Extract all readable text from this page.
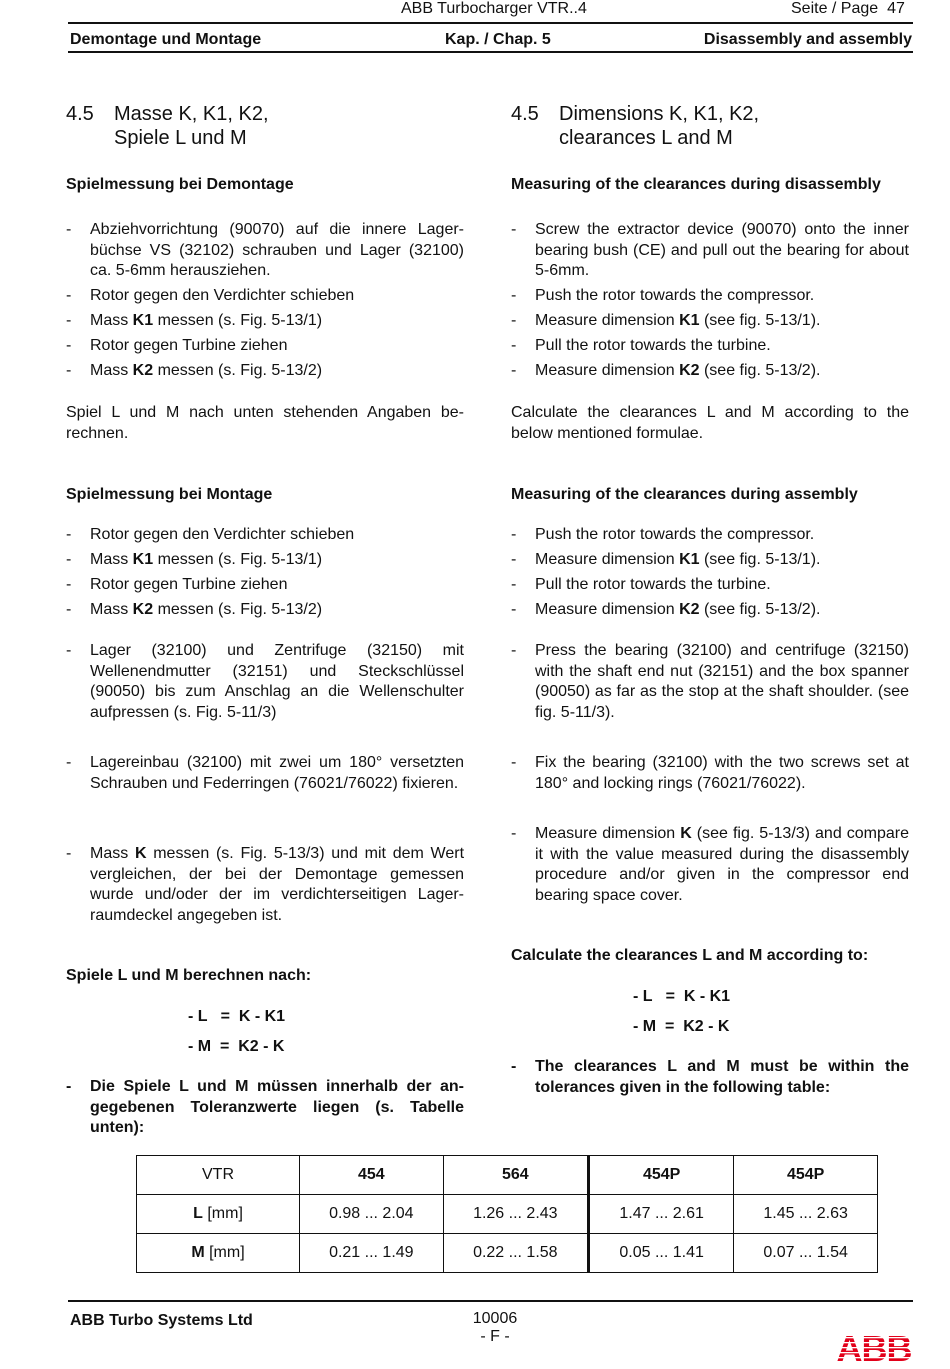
ABB Turbocharger VTR..4	Seite / Page 47
Demontage und Montage	Kap. / Chap. 5	Disassembly and assembly
4.5 Masse K, K1, K2,
Spiele L und M
Spielmessung bei Demontage
- Abziehvorrichtung (90070) auf die innere Lagerbüchse VS (32102) schrauben und Lager (32100) ca. 5-6mm herausziehen.
- Rotor gegen den Verdichter schieben
- Mass K1 messen (s. Fig. 5-13/1)
- Rotor gegen Turbine ziehen
- Mass K2 messen (s. Fig. 5-13/2)
Spiel L und M nach unten stehenden Angaben berechnen.
Spielmessung bei Montage
- Rotor gegen den Verdichter schieben
- Mass K1 messen (s. Fig. 5-13/1)
- Rotor gegen Turbine ziehen
- Mass K2 messen (s. Fig. 5-13/2)
- Lager (32100) und Zentrifuge (32150) mit Wellenendmutter (32151) und Steckschlüssel (90050) bis zum Anschlag an die Wellenschulter aufpressen (s. Fig. 5-11/3)
- Lagereinbau (32100) mit zwei um 180° versetzten Schrauben und Federringen (76021/76022) fixieren.
- Mass K messen (s. Fig. 5-13/3) und mit dem Wert vergleichen, der bei der Demontage gemessen wurde und/oder der im verdichterseitigen Lagerraumdeckel angegeben ist.
Spiele L und M berechnen nach:
- L   =  K - K1
- M  =  K2 - K
- Die Spiele L und M müssen innerhalb der angegebenen Toleranzwerte liegen (s. Tabelle unten):
4.5 Dimensions K, K1, K2,
clearances L and M
Measuring of the clearances during disassembly
- Screw the extractor device (90070) onto the inner bearing bush (CE) and pull out the bearing for about 5-6mm.
- Push the rotor towards the compressor.
- Measure dimension K1 (see fig. 5-13/1).
- Pull the rotor towards the turbine.
- Measure dimension K2 (see fig. 5-13/2).
Calculate the clearances L and M according to the below mentioned formulae.
Measuring of the clearances during assembly
- Push the rotor towards the compressor.
- Measure dimension K1 (see fig. 5-13/1).
- Pull the rotor towards the turbine.
- Measure dimension K2 (see fig. 5-13/2).
- Press the bearing (32100) and centrifuge (32150) with the shaft end nut (32151) and the box spanner (90050) as far as the stop at the shaft shoulder. (see fig. 5-11/3).
- Fix the bearing (32100) with the two screws set at 180° and locking rings (76021/76022).
- Measure dimension K (see fig. 5-13/3) and compare it with the value measured during the disassembly procedure and/or given in the compressor end bearing space cover.
Calculate the clearances L and M according to:
- L   =  K - K1
- M  =  K2 - K
- The clearances L and M must be within the tolerances given in the following table:
VTR	454	564	454P	454P
L [mm]	0.98 ... 2.04	1.26 ... 2.43	1.47 ... 2.61	1.45 ... 2.63
M [mm]	0.21 ... 1.49	0.22 ... 1.58	0.05 ... 1.41	0.07 ... 1.54
ABB Turbo Systems Ltd	10006
- F -
